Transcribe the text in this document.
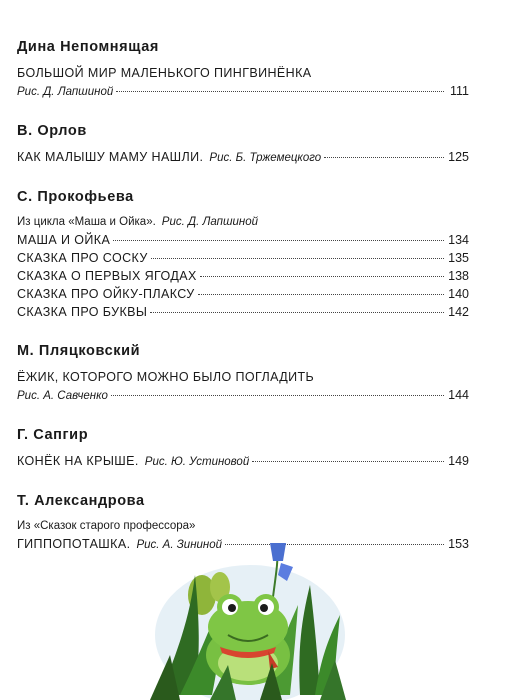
Дина Непомнящая
БОЛЬШОЙ МИР МАЛЕНЬКОГО ПИНГВИНЁНКА
Рис. Д. Лапшиной	111
В. Орлов
КАК МАЛЫШУ МАМУ НАШЛИ. Рис. Б. Тржемецкого	125
С. Прокофьева
Из цикла «Маша и Ойка». Рис. Д. Лапшиной
МАША И ОЙКА	134
СКАЗКА ПРО СОСКУ	135
СКАЗКА О ПЕРВЫХ ЯГОДАХ	138
СКАЗКА ПРО ОЙКУ-ПЛАКСУ	140
СКАЗКА ПРО БУКВЫ	142
М. Пляцковский
ЁЖИК, КОТОРОГО МОЖНО БЫЛО ПОГЛАДИТЬ
Рис. А. Савченко	144
Г. Сапгир
КОНЁК НА КРЫШЕ. Рис. Ю. Устиновой	149
Т. Александрова
Из «Сказок старого профессора»
ГИППОПОТАШКА. Рис. А. Зининой	153
